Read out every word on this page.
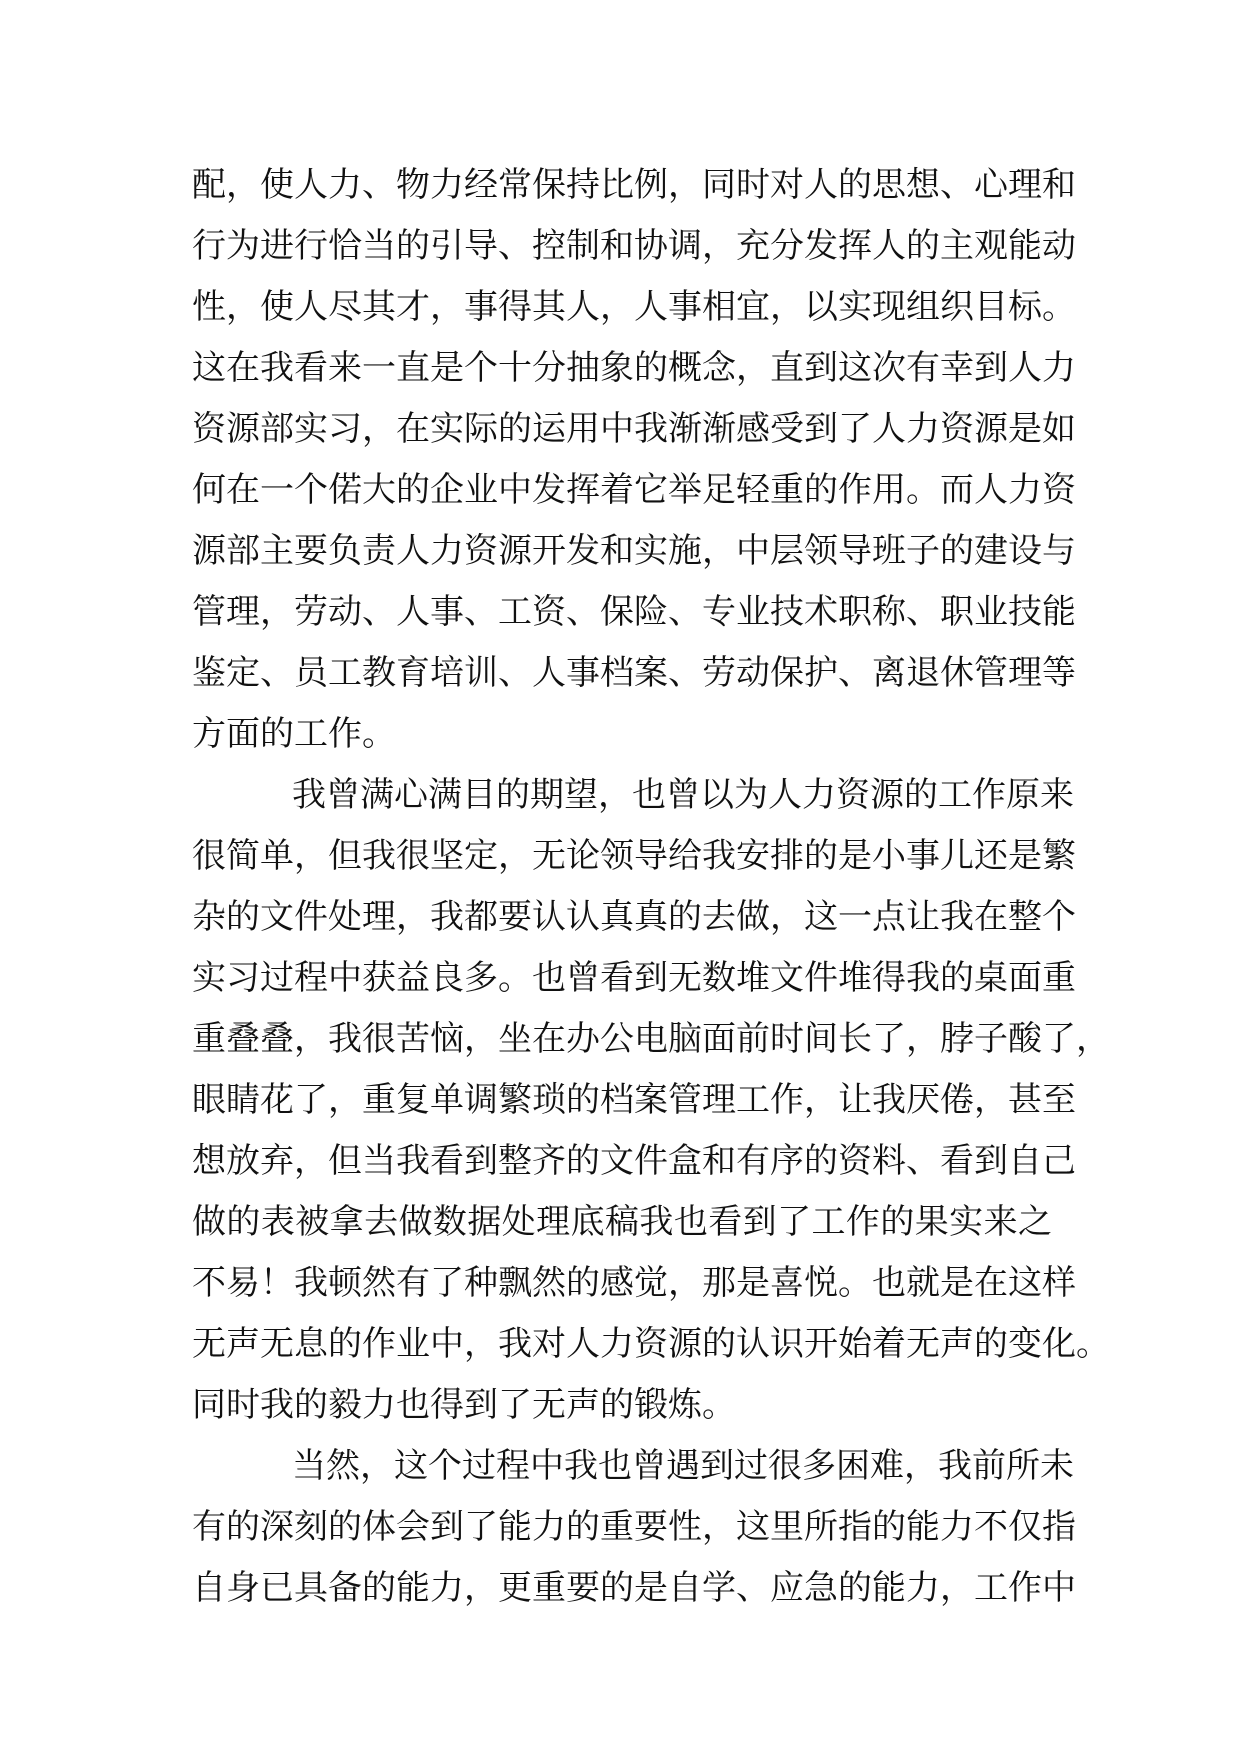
配，使人力、物力经常保持比例，同时对人的思想、心理和
行为进行恰当的引导、控制和协调，充分发挥人的主观能动
性，使人尽其才，事得其人，人事相宜，以实现组织目标。
这在我看来一直是个十分抽象的概念，直到这次有幸到人力
资源部实习，在实际的运用中我渐渐感受到了人力资源是如
何在一个偌大的企业中发挥着它举足轻重的作用。而人力资
源部主要负责人力资源开发和实施，中层领导班子的建设与
管理，劳动、人事、工资、保险、专业技术职称、职业技能
鉴定、员工教育培训、人事档案、劳动保护、离退休管理等
方面的工作。
我曾满心满目的期望，也曾以为人力资源的工作原来
很简单，但我很坚定，无论领导给我安排的是小事儿还是繁
杂的文件处理，我都要认认真真的去做，这一点让我在整个
实习过程中获益良多。也曾看到无数堆文件堆得我的桌面重
重叠叠，我很苦恼，坐在办公电脑面前时间长了，脖子酸了，
眼睛花了，重复单调繁琐的档案管理工作，让我厌倦，甚至
想放弃，但当我看到整齐的文件盒和有序的资料、看到自己
做的表被拿去做数据处理底稿我也看到了工作的果实来之
不易！我顿然有了种飘然的感觉，那是喜悦。也就是在这样
无声无息的作业中，我对人力资源的认识开始着无声的变化。
同时我的毅力也得到了无声的锻炼。
当然，这个过程中我也曾遇到过很多困难，我前所未
有的深刻的体会到了能力的重要性，这里所指的能力不仅指
自身已具备的能力，更重要的是自学、应急的能力，工作中
